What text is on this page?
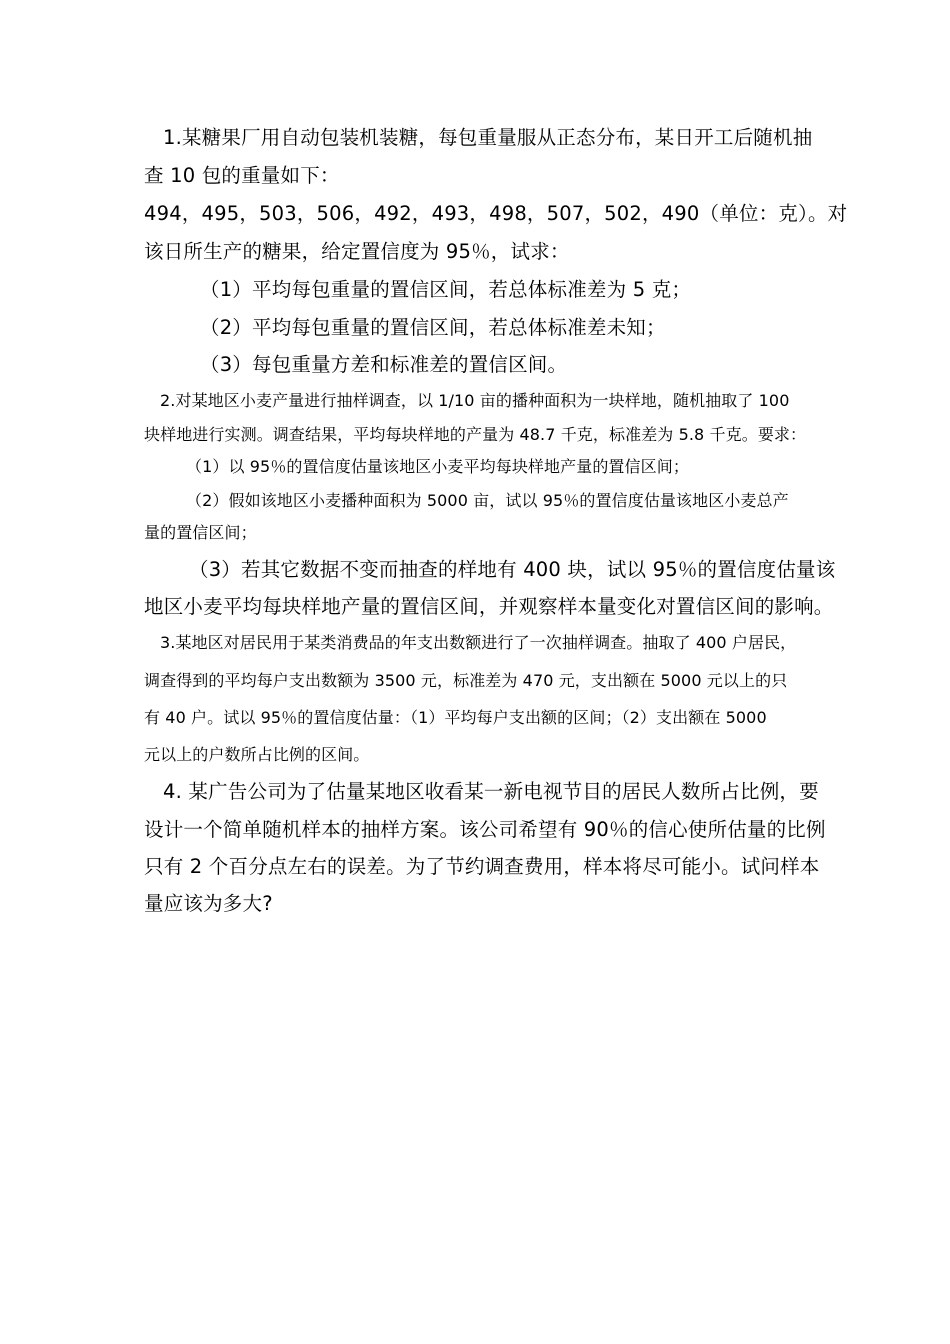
1.某糖果厂用自动包装机装糖，每包重量服从正态分布，某日开工后随机抽
查 10 包的重量如下：
494，495，503，506，492，493，498，507，502，490（单位：克）。对
该日所生产的糖果，给定置信度为 95％，试求：
（1）平均每包重量的置信区间，若总体标准差为 5 克；
（2）平均每包重量的置信区间，若总体标准差未知；
（3）每包重量方差和标准差的置信区间。
2.对某地区小麦产量进行抽样调查，以 1/10 亩的播种面积为一块样地，随机抽取了 100
块样地进行实测。调查结果，平均每块样地的产量为 48.7 千克，标准差为 5.8 千克。要求：
（1）以 95％的置信度估量该地区小麦平均每块样地产量的置信区间；
（2）假如该地区小麦播种面积为 5000 亩，试以 95％的置信度估量该地区小麦总产
量的置信区间；
（3）若其它数据不变而抽查的样地有 400 块，试以 95％的置信度估量该
地区小麦平均每块样地产量的置信区间，并观察样本量变化对置信区间的影响。
3.某地区对居民用于某类消费品的年支出数额进行了一次抽样调查。抽取了 400 户居民，
调查得到的平均每户支出数额为 3500 元，标准差为 470 元，支出额在 5000 元以上的只
有 40 户。试以 95％的置信度估量：（1）平均每户支出额的区间；（2）支出额在 5000
元以上的户数所占比例的区间。
4. 某广告公司为了估量某地区收看某一新电视节目的居民人数所占比例，要
设计一个简单随机样本的抽样方案。该公司希望有 90％的信心使所估量的比例
只有 2 个百分点左右的误差。为了节约调查费用，样本将尽可能小。试问样本
量应该为多大?
